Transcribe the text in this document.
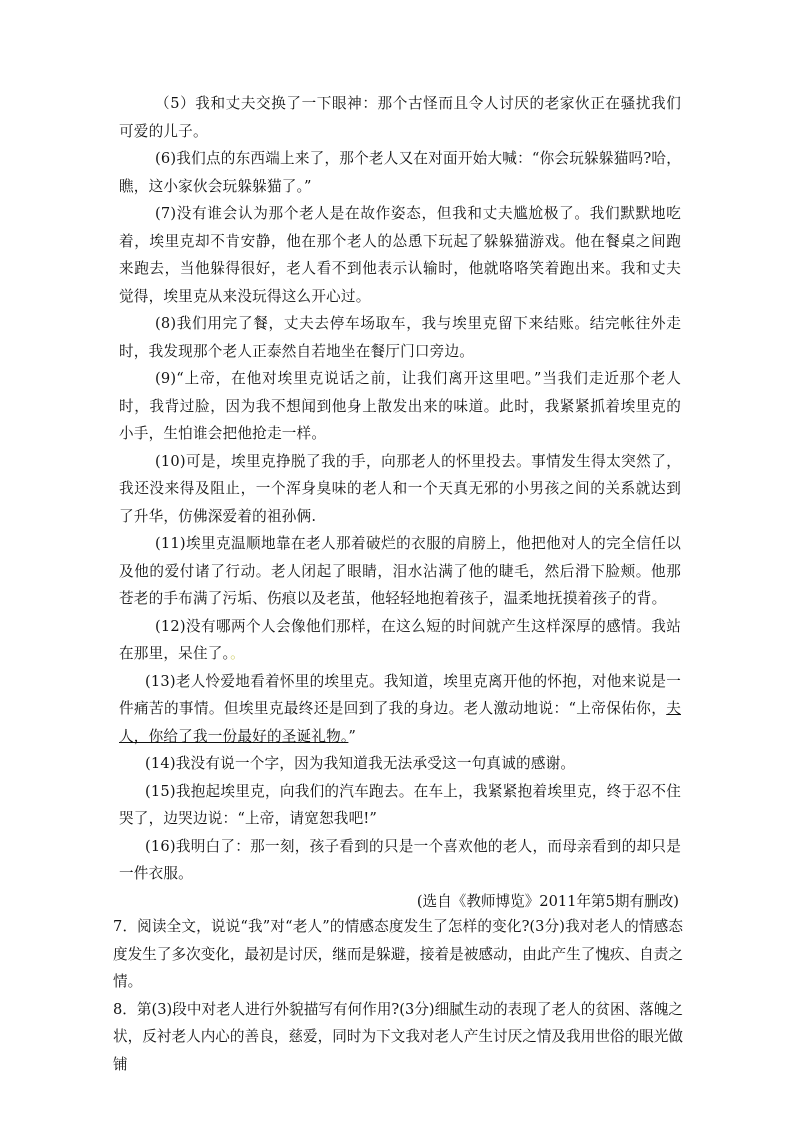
（5）我和丈夫交换了一下眼神：那个古怪而且令人讨厌的老家伙正在骚扰我们可爱的儿子。

(6)我们点的东西端上来了，那个老人又在对面开始大喊：“你会玩躲躲猫吗?哈，瞧，这小家伙会玩躲躲猫了。”

(7)没有谁会认为那个老人是在故作姿态，但我和丈夫尴尬极了。我们默默地吃着，埃里克却不肯安静，他在那个老人的怂恿下玩起了躲躲猫游戏。他在餐桌之间跑来跑去，当他躲得很好，老人看不到他表示认输时，他就咯咯笑着跑出来。我和丈夫觉得，埃里克从来没玩得这么开心过。

(8)我们用完了餐，丈夫去停车场取车，我与埃里克留下来结账。结完帐往外走时，我发现那个老人正泰然自若地坐在餐厅门口旁边。

(9)“上帝，在他对埃里克说话之前，让我们离开这里吧。”当我们走近那个老人时，我背过脸，因为我不想闻到他身上散发出来的味道。此时，我紧紧抓着埃里克的小手，生怕谁会把他抢走一样。

(10)可是，埃里克挣脱了我的手，向那老人的怀里投去。事情发生得太突然了，我还没来得及阻止，一个浑身臭味的老人和一个天真无邪的小男孩之间的关系就达到了升华，仿佛深爱着的祖孙俩.

(11)埃里克温顺地靠在老人那着破烂的衣服的肩膀上，他把他对人的完全信任以及他的爱付诸了行动。老人闭起了眼睛，泪水沾满了他的睫毛，然后滑下脸颊。他那苍老的手布满了污垢、伤痕以及老茧，他轻轻地抱着孩子，温柔地抚摸着孩子的背。

(12)没有哪两个人会像他们那样，在这么短的时间就产生这样深厚的感情。我站在那里，呆住了。。

(13)老人怜爱地看着怀里的埃里克。我知道，埃里克离开他的怀抱，对他来说是一件痛苦的事情。但埃里克最终还是回到了我的身边。老人激动地说：“上帝保佑你，夫人，你给了我一份最好的圣诞礼物。”

(14)我没有说一个字，因为我知道我无法承受这一句真诚的感谢。

(15)我抱起埃里克，向我们的汽车跑去。在车上，我紧紧抱着埃里克，终于忍不住哭了，边哭边说：“上帝，请宽恕我吧!”

(16)我明白了：那一刻，孩子看到的只是一个喜欢他的老人，而母亲看到的却只是一件衣服。

(选自《教师博览》2011年第5期有删改)

7．阅读全文，说说“我”对“老人”的情感态度发生了怎样的变化?(3分)我对老人的情感态度发生了多次变化，最初是讨厌，继而是躲避，接着是被感动，由此产生了愧疚、自责之情。

8．第(3)段中对老人进行外貌描写有何作用?(3分)细腻生动的表现了老人的贫困、落魄之状，反衬老人内心的善良，慈爱，同时为下文我对老人产生讨厌之情及我用世俗的眼光做铺
